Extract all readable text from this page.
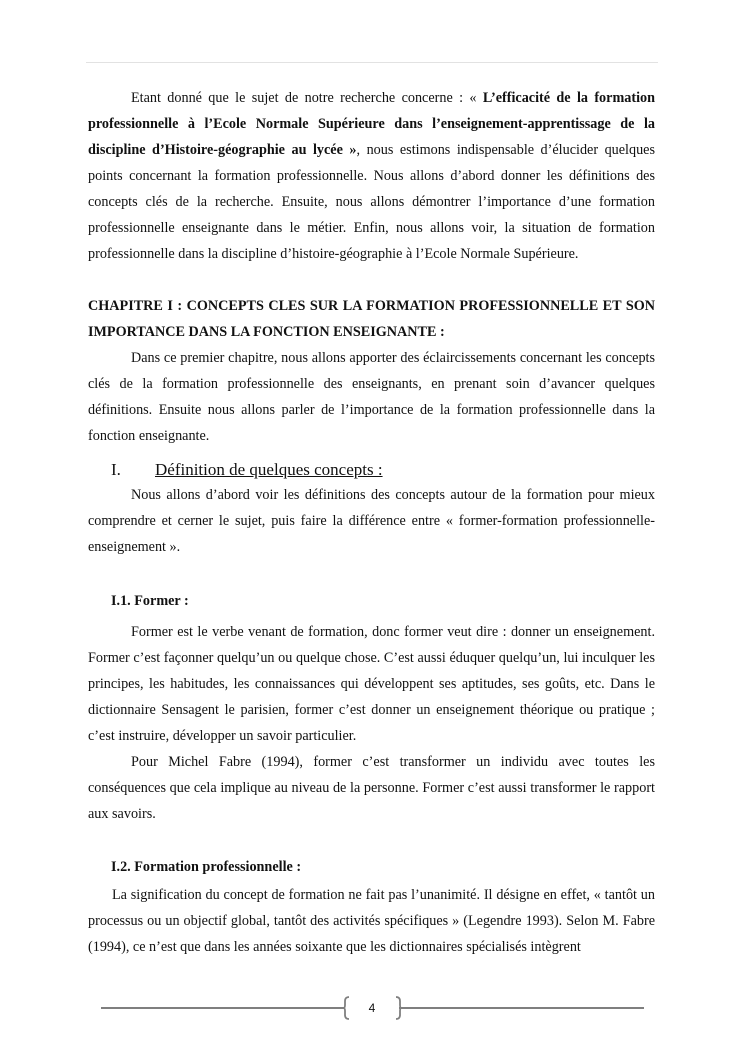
Etant donné que le sujet de notre recherche concerne : « L’efficacité de la formation professionnelle à l’Ecole Normale Supérieure dans l’enseignement-apprentissage de la discipline d’Histoire-géographie au lycée », nous estimons indispensable d’élucider quelques points concernant la formation professionnelle. Nous allons d’abord donner les définitions des concepts clés de la recherche. Ensuite, nous allons démontrer l’importance d’une formation professionnelle enseignante dans le métier. Enfin, nous allons voir, la situation de formation professionnelle dans la discipline d’histoire-géographie à l’Ecole Normale Supérieure.

CHAPITRE I : CONCEPTS CLES SUR LA FORMATION PROFESSIONNELLE ET SON IMPORTANCE DANS LA FONCTION ENSEIGNANTE :

Dans ce premier chapitre, nous allons apporter des éclaircissements concernant les concepts clés de la formation professionnelle des enseignants, en prenant soin d’avancer quelques définitions. Ensuite nous allons parler de l’importance de la formation professionnelle dans la fonction enseignante.

I. Définition de quelques concepts :

Nous allons d’abord voir les définitions des concepts autour de la formation pour mieux comprendre et cerner le sujet, puis faire la différence entre « former-formation professionnelle-enseignement ».

I.1. Former :

Former est le verbe venant de formation, donc former veut dire : donner un enseignement. Former c’est façonner quelqu’un ou quelque chose. C’est aussi éduquer quelqu’un, lui inculquer les principes, les habitudes, les connaissances qui développent ses aptitudes, ses goûts, etc. Dans le dictionnaire Sensagent le parisien, former c’est donner un enseignement théorique ou pratique ; c’est instruire, développer un savoir particulier.

Pour Michel Fabre (1994), former c’est transformer un individu avec toutes les conséquences que cela implique au niveau de la personne. Former c’est aussi transformer le rapport aux savoirs.

I.2. Formation professionnelle :

La signification du concept de formation ne fait pas l’unanimité. Il désigne en effet, « tantôt un processus ou un objectif global, tantôt des activités spécifiques » (Legendre 1993). Selon M. Fabre (1994), ce n’est que dans les années soixante que les dictionnaires spécialisés intègrent

4
